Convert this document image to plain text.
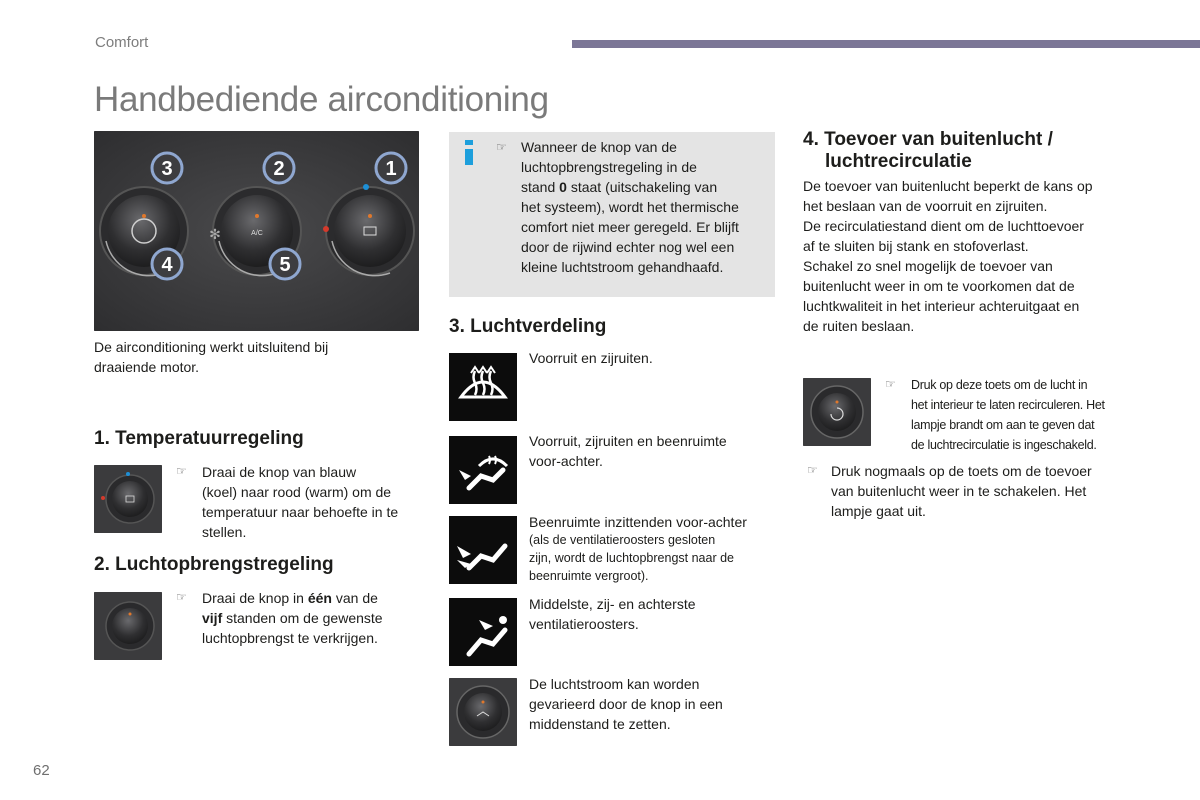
Comfort
Handbediende airconditioning
A/C
✻
3	2	1
4	5
De airconditioning werkt uitsluitend bij
draaiende motor.
1. Temperatuurregeling
☞ Draai de knop van blauw
(koel) naar rood (warm) om de
temperatuur naar behoefte in te
stellen.
2. Luchtopbrengstregeling
☞ Draai de knop in één van de
vijf standen om de gewenste
luchtopbrengst te verkrijgen.
☞ Wanneer de knop van de
luchtopbrengstregeling in de
stand 0 staat (uitschakeling van
het systeem), wordt het thermische
comfort niet meer geregeld. Er blijft
door de rijwind echter nog wel een
kleine luchtstroom gehandhaafd.
3. Luchtverdeling
Voorruit en zijruiten.
Voorruit, zijruiten en beenruimte
voor-achter.
Beenruimte inzittenden voor-achter
(als de ventilatieroosters gesloten
zijn, wordt de luchtopbrengst naar de
beenruimte vergroot).
Middelste, zij- en achterste
ventilatieroosters.
De luchtstroom kan worden
gevarieerd door de knop in een
middenstand te zetten.
4. Toevoer van buitenlucht /
luchtrecirculatie
De toevoer van buitenlucht beperkt de kans op
het beslaan van de voorruit en zijruiten.
De recirculatiestand dient om de luchttoevoer
af te sluiten bij stank en stofoverlast.
Schakel zo snel mogelijk de toevoer van
buitenlucht weer in om te voorkomen dat de
luchtkwaliteit in het interieur achteruitgaat en
de ruiten beslaan.
☞ Druk op deze toets om de lucht in
het interieur te laten recirculeren. Het
lampje brandt om aan te geven dat
de luchtrecirculatie is ingeschakeld.
☞ Druk nogmaals op de toets om de toevoer
van buitenlucht weer in te schakelen. Het
lampje gaat uit.
62
